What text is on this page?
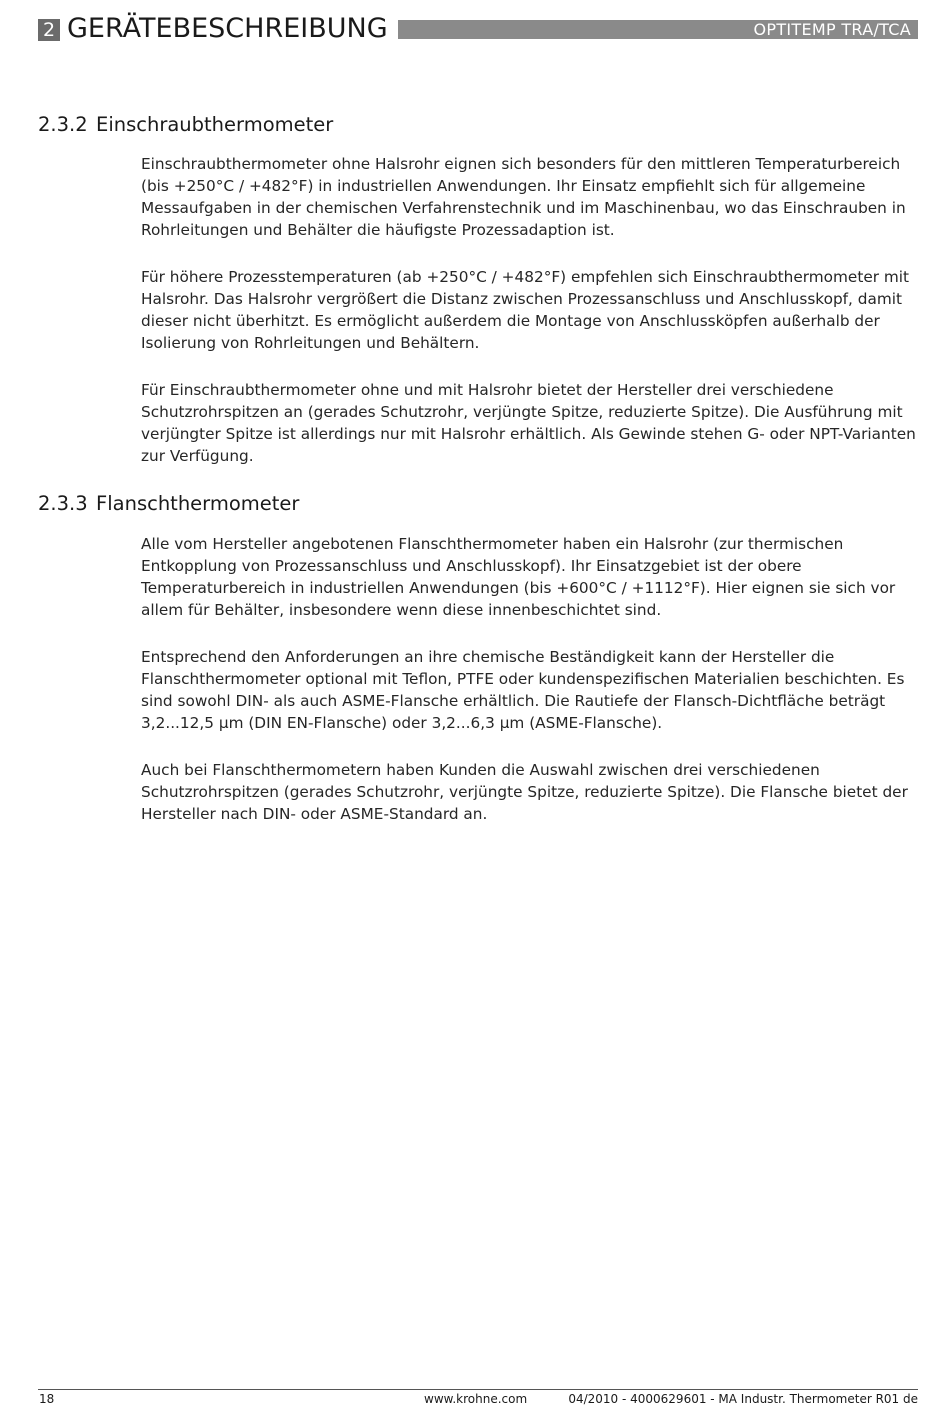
2 GERÄTEBESCHREIBUNG	OPTITEMP TRA/TCA
2.3.2 Einschraubthermometer

Einschraubthermometer ohne Halsrohr eignen sich besonders für den mittleren Temperaturbereich (bis +250°C / +482°F) in industriellen Anwendungen. Ihr Einsatz empfiehlt sich für allgemeine Messaufgaben in der chemischen Verfahrenstechnik und im Maschinenbau, wo das Einschrauben in Rohrleitungen und Behälter die häufigste Prozessadaption ist.

Für höhere Prozesstemperaturen (ab +250°C / +482°F) empfehlen sich Einschraubthermometer mit Halsrohr. Das Halsrohr vergrößert die Distanz zwischen Prozessanschluss und Anschlusskopf, damit dieser nicht überhitzt. Es ermöglicht außerdem die Montage von Anschlussköpfen außerhalb der Isolierung von Rohrleitungen und Behältern.

Für Einschraubthermometer ohne und mit Halsrohr bietet der Hersteller drei verschiedene Schutzrohrspitzen an (gerades Schutzrohr, verjüngte Spitze, reduzierte Spitze). Die Ausführung mit verjüngter Spitze ist allerdings nur mit Halsrohr erhältlich. Als Gewinde stehen G- oder NPT-Varianten zur Verfügung.

2.3.3 Flanschthermometer

Alle vom Hersteller angebotenen Flanschthermometer haben ein Halsrohr (zur thermischen Entkopplung von Prozessanschluss und Anschlusskopf). Ihr Einsatzgebiet ist der obere Temperaturbereich in industriellen Anwendungen (bis +600°C / +1112°F). Hier eignen sie sich vor allem für Behälter, insbesondere wenn diese innenbeschichtet sind.

Entsprechend den Anforderungen an ihre chemische Beständigkeit kann der Hersteller die Flanschthermometer optional mit Teflon, PTFE oder kundenspezifischen Materialien beschichten. Es sind sowohl DIN- als auch ASME-Flansche erhältlich. Die Rautiefe der Flansch-Dichtfläche beträgt 3,2...12,5 μm (DIN EN-Flansche) oder 3,2...6,3 μm (ASME-Flansche).

Auch bei Flanschthermometern haben Kunden die Auswahl zwischen drei verschiedenen Schutzrohrspitzen (gerades Schutzrohr, verjüngte Spitze, reduzierte Spitze). Die Flansche bietet der Hersteller nach DIN- oder ASME-Standard an.

18	www.krohne.com	04/2010 - 4000629601 - MA Industr. Thermometer R01 de
